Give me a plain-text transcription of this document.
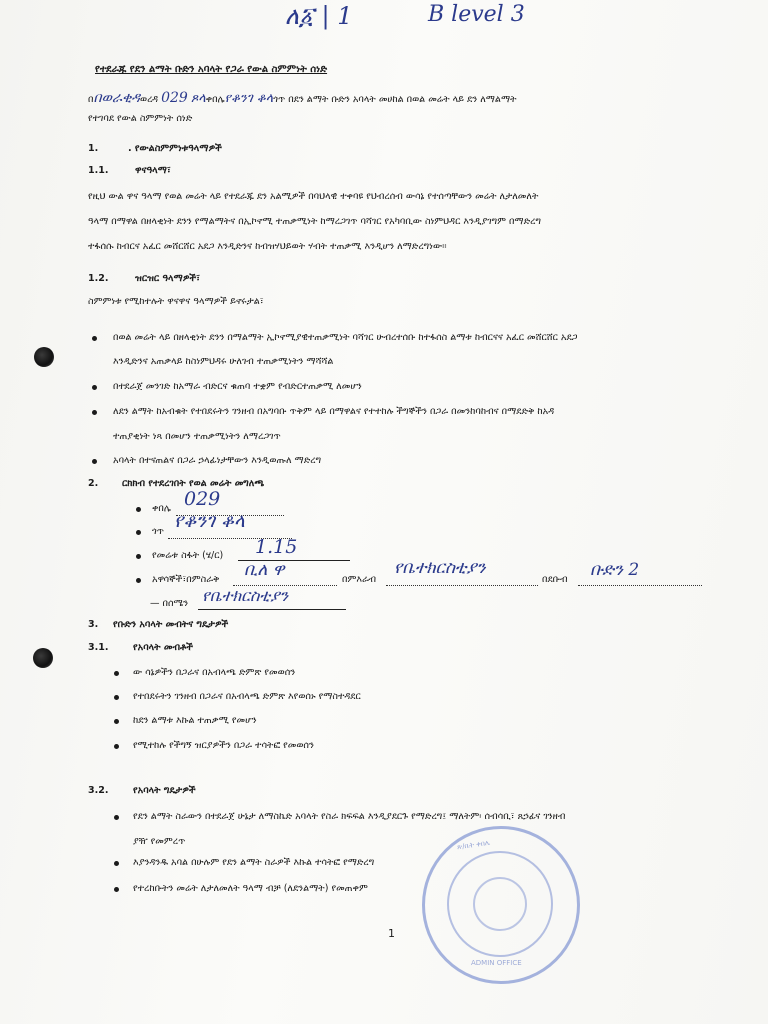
ለ፩ | 1	B level 3
የተደራጁ የደን ልማት ቡድን አባላት የጋራ የውል ስምምነት ሰነድ
በበወራቂዳወረዳ 029 ጾላቀበሌየቆንገ ቆላጎጥ በደን ልማት ቡድን አባላት መሀከል በወል መሬት ላይ ደን ለማልማት
የተገባደ የውል ስምምነት ሰነድ
1.	. የውልስምምነቱዓላማዎች
1.1.	ዋናዓላማ፣
የዚህ ውል ዋና ዓላማ የወል መሬት ላይ የተደራጁ ደን አልሚዎች በባህላዊ ተቀባዩ የህብረሰብ ውሳኔ የተሰጣቸውን መሬት ለታለመለት
ዓላማ በማዋል በዘላቂነት ደንን የማልማትና በኢኮኖሚ ተጠቃሚነት ከማረጋገጥ ባሻገር የአካባቢው ስነምህዳር እንዲያገግም በማድረግ
ተፋሰሱ ከብርና አፈር መሸርሸር አደጋ እንዲድንና ከብዝሃህይወት ሃብት ተጠቃሚ እንዲሆን ለማድረግነው።
1.2.	ዝርዝር ዓላማዎች፣
ስምምነቱ የሚከተሉት ዋናዋና ዓላማዎች ይኖሩታል፣
በወል መሬት ላይ በዘላቂነት ደንን በማልማት ኢኮኖሚያዊተጠቃሚነት ባሻገር ሁብረተሰቡ ከተፋሰስ ልማቱ ከብርናና አፈር መሸርሸር አደጋ
እንዲድንና አጠቃላይ ከስነምህዳሩ ሁለገብ ተጠቃሚነትን ማሻሻል
በተደራጀ መንገድ ከአማራ ብድርና ቁጠባ ተቋም የብድርተጠቃሚ ለመሆን
ለደን ልማት ከአብቁት የተበደሩትን ገንዘብ በአግባቡ ጥቅም ላይ በማዋልና የተተከሉ ችግኞችን በጋራ በመንከባከብና በማደድቅ ከአዳ
ተጠያቂነት ነጻ በመሆን ተጠቃሚነትን ለማረጋገጥ
አባላት በተናጠልና በጋራ ኃላፊነታቸውን እንዲወጡለ ማድረግ
2.	ርክክብ የተደረገበት የወል መሬት መግለጫ
ቀበሌ 029
ጎጥ የቆንገ ቆላ
የመሬቱ ስፋት (ሄ/ር) 1.15
አዋሳኞች፣በምስራቅ ቢለ ዋ	በምእራብ
የቤተክርስቲያን
በደቡብ ቡድን 2
— በሰሜን የቤተክርስቲያን
3. የቡድን አባላት መብትና ግዴታዎች
3.1.	የአባላት መብቶች
ው ሳኔዎችን በጋራና በአብላጫ ድምጽ የመወሰን
የተበደሩትን ገንዘብ በጋራና በአብላጫ ድምጽ እየወሰኑ የማስተዳደር
ከደን ልማቱ እኩል ተጠቃሚ የመሆን
የሚተከሉ የችግኝ ዝርያዎችን በጋራ ተሳትፎ የመወሰን
3.2.	የአባላት ግዴታዎች
የደን ልማት ስራውን በተደራጀ ሁኔታ ለማስኬድ አባላት የስራ ክፍፍል እንዲያደርጉ የማድረግ፤ ማለትም፡ ሰብሳቢ፣ ጸኃፊና ገንዘብ
ያዥ የመምረጥ
እያንዳንዱ አባል በሁሉም የደን ልማት ስራዎች እኩል ተሳትፎ የማድረግ
የተረከቡትን መሬት ለታለመለት ዓላማ ብቻ (ለደንልማት) የመጠቀም
ጽ/ቤት ቀበሌ
ADMIN OFFICE
1
